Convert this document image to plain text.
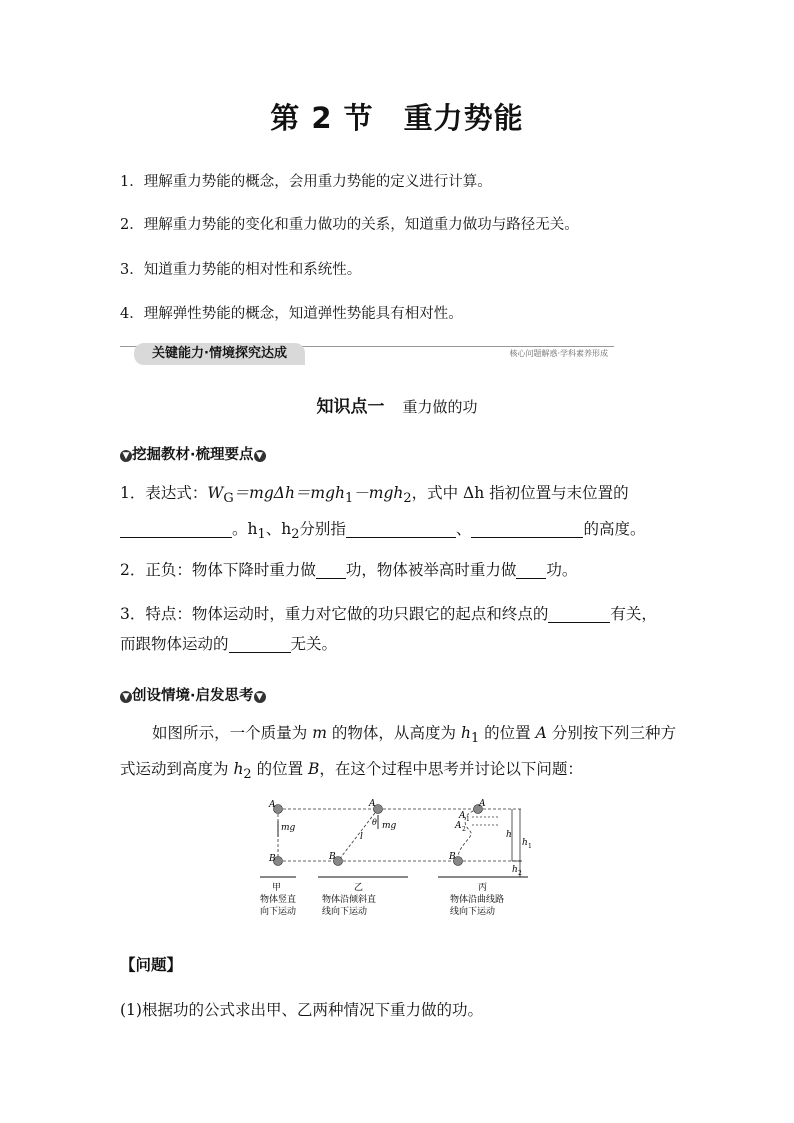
第 2 节 重力势能
1．理解重力势能的概念，会用重力势能的定义进行计算。
2．理解重力势能的变化和重力做功的关系，知道重力做功与路径无关。
3．知道重力势能的相对性和系统性。
4．理解弹性势能的概念，知道弹性势能具有相对性。
关键能力·情境探究达成	核心问题解惑·学科素养形成
知识点一 重力做的功
▼ 挖掘教材·梳理要点 ▼
1．表达式：$W_G=mg\Delta h=mgh_1-mgh_2$，式中 Δh 指初位置与末位置的
。$h_1$、$h_2$分别指	、	的高度。
2．正负：物体下降时重力做 功，物体被举高时重力做 功。
3．特点：物体运动时，重力对它做的功只跟它的起点和终点的	有关，
而跟物体运动的	无关。
▼ 创设情境·启发思考 ▼
如图所示，一个质量为 m 的物体，从高度为 $h_1$ 的位置 A 分别按下列三种方式运动到高度为 $h_2$ 的位置 B，在这个过程中思考并讨论以下问题：
A
B
mg
A
B
mg
θ
l
A
A 1
A 2
B
h
h 1
h 2
甲
物体竖直
向下运动
乙
物体沿倾斜直
线向下运动
丙
物体沿曲线路
线向下运动
【问题】
(1)根据功的公式求出甲、乙两种情况下重力做的功。
